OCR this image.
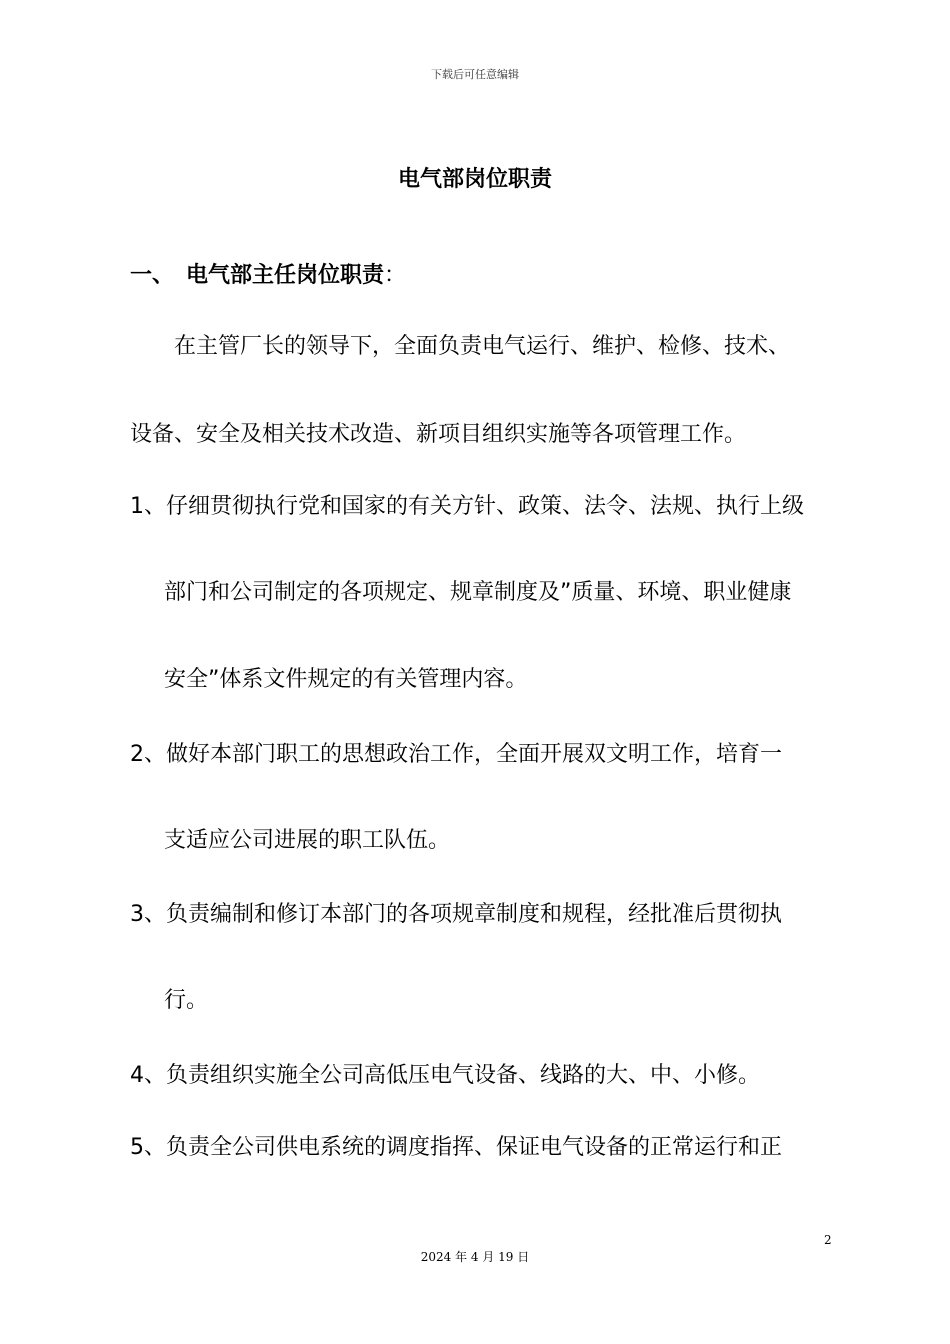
下载后可任意编辑
电气部岗位职责
一、 电气部主任岗位职责：

在主管厂长的领导下，全面负责电气运行、维护、检修、技术、

设备、安全及相关技术改造、新项目组织实施等各项管理工作。

1、仔细贯彻执行党和国家的有关方针、政策、法令、法规、执行上级

部门和公司制定的各项规定、规章制度及”质量、环境、职业健康

安全”体系文件规定的有关管理内容。

2、做好本部门职工的思想政治工作，全面开展双文明工作，培育一

支适应公司进展的职工队伍。

3、负责编制和修订本部门的各项规章制度和规程，经批准后贯彻执

行。

4、负责组织实施全公司高低压电气设备、线路的大、中、小修。

5、负责全公司供电系统的调度指挥、保证电气设备的正常运行和正

2
2024 年 4 月 19 日
